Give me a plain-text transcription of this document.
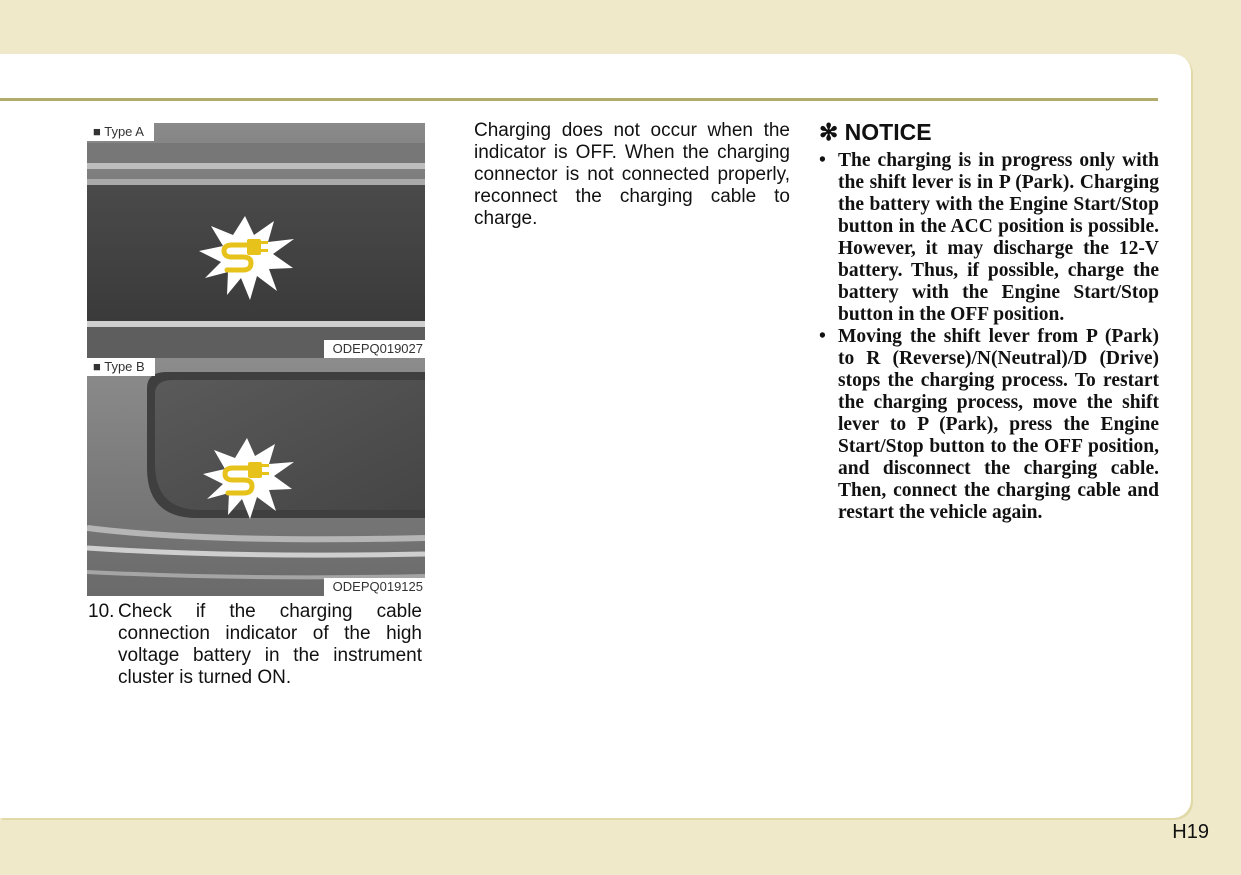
■ Type A
ODEPQ019027
■ Type B
ODEPQ019125
10. Check if the charging cable connection indicator of the high voltage battery in the instrument cluster is turned ON.
Charging does not occur when the indicator is OFF. When the charging connector is not connected properly, reconnect the charging cable to charge.
✻ NOTICE
• The charging is in progress only with the shift lever is in P (Park). Charging the battery with the Engine Start/Stop button in the ACC position is possible. However, it may discharge the 12-V battery. Thus, if possible, charge the battery with the Engine Start/Stop button in the OFF position.
• Moving the shift lever from P (Park) to R (Reverse)/N(Neutral)/D (Drive) stops the charging process. To restart the charging process, move the shift lever to P (Park), press the Engine Start/Stop button to the OFF position, and disconnect the charging cable. Then, connect the charging cable and restart the vehicle again.
H19
